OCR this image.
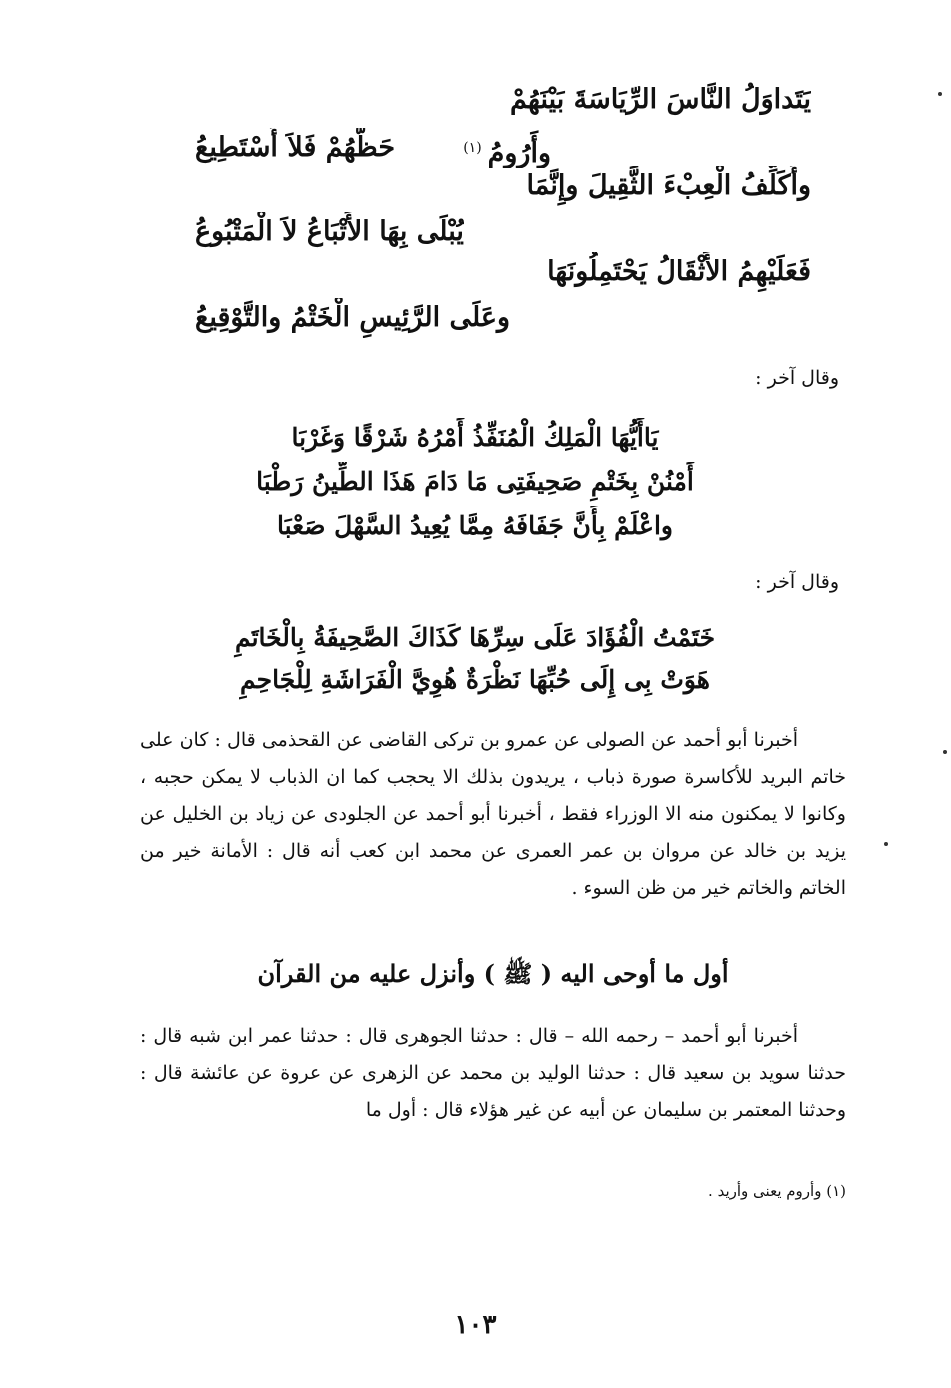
يَتَداوَلُ النَّاسَ الرِّيَاسَةَ بَيْنَهُمْ
وأَرُومُ$^{(١)}$
حَظَّهُمْ فَلاَ أَسْتَطِيعُ
وأُكَلِّفُ الْعِبْءَ الثَّقِيلَ وإِنَّمَا
يُبْلَى بِهَا الأَتْبَاعُ لاَ الْمَتْبُوعُ
فَعَلَيْهِمُ الأَثْقَالُ يَحْتَمِلُونَهَا
وعَلَى الرَّئِيسِ الْخَتْمُ والتَّوْقِيعُ
وقال آخر :
يَاأَيُّهَا الْمَلِكُ الْمُنَفِّذُ أَمْرُهُ شَرْقًا وَغَرْبَا
أَمْنُنْ بِخَتْمِ صَحِيفَتِى مَا دَامَ هَذَا الطِّينُ رَطْبَا
واعْلَمْ بِأَنَّ جَفَافَهُ مِمَّا يُعِيدُ السَّهْلَ صَعْبَا
وقال آخر :
خَتَمْتُ الْفُؤَادَ عَلَى سِرِّهَا كَذَاكَ الصَّحِيفَةُ بِالْخَاتَمِ
هَوَتْ بِى إِلَى حُبِّهَا نَظْرَةٌ هُوِيَّ الْفَرَاشَةِ لِلْجَاحِمِ

أخبرنا أبو أحمد عن الصولى عن عمرو بن تركى القاضى عن القحذمى قال : كان على خاتم البريد للأكاسرة صورة ذباب ، يريدون بذلك الا يحجب كما ان الذباب لا يمكن حجبه ، وكانوا لا يمكنون منه الا الوزراء فقط ، أخبرنا أبو أحمد عن الجلودى عن زياد بن الخليل عن يزيد بن خالد عن مروان بن عمر العمرى عن محمد ابن كعب أنه قال : الأمانة خير من الخاتم والخاتم خير من ظن السوء .

أول ما أوحى اليه ( ﷺ ) وأنزل عليه من القرآن

أخبرنا أبو أحمد – رحمه الله – قال : حدثنا الجوهرى قال : حدثنا عمر ابن شبه قال : حدثنا سويد بن سعيد قال : حدثنا الوليد بن محمد عن الزهرى عن عروة عن عائشة قال : وحدثنا المعتمر بن سليمان عن أبيه عن غير هؤلاء قال : أول ما

(١) وأروم يعنى وأريد .
١٠٣
